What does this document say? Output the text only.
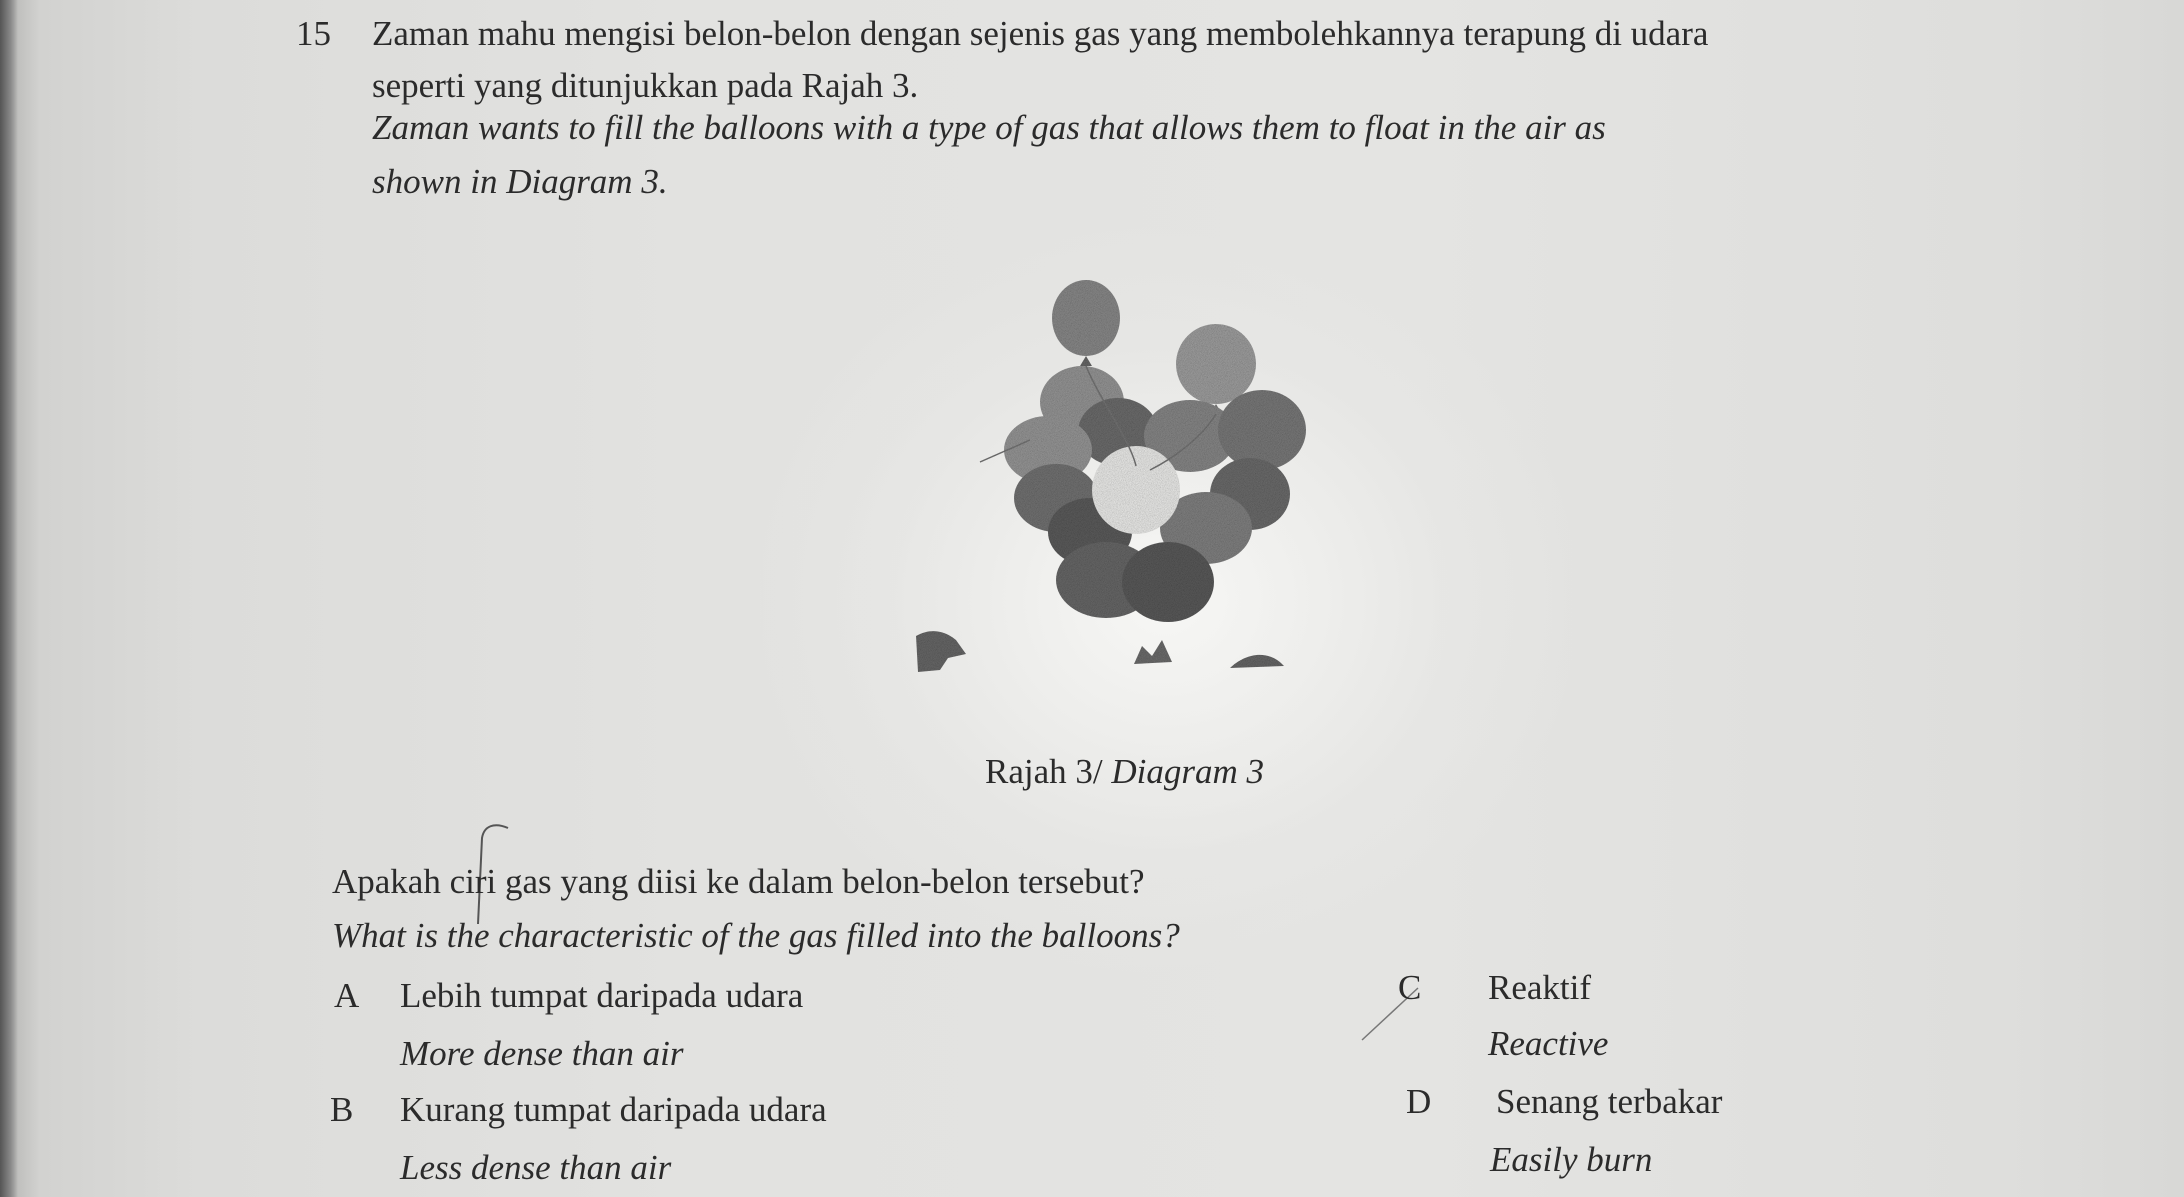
15 Zaman mahu mengisi belon-belon dengan sejenis gas yang membolehkannya terapung di udara
seperti yang ditunjukkan pada Rajah 3.
Zaman wants to fill the balloons with a type of gas that allows them to float in the air as
shown in Diagram 3.
Rajah 3/ Diagram 3
Apakah ciri gas yang diisi ke dalam belon-belon tersebut?
What is the characteristic of the gas filled into the balloons?
A Lebih tumpat daripada udara
More dense than air
B Kurang tumpat daripada udara
Less dense than air
C Reaktif
Reactive
D Senang terbakar
Easily burn
